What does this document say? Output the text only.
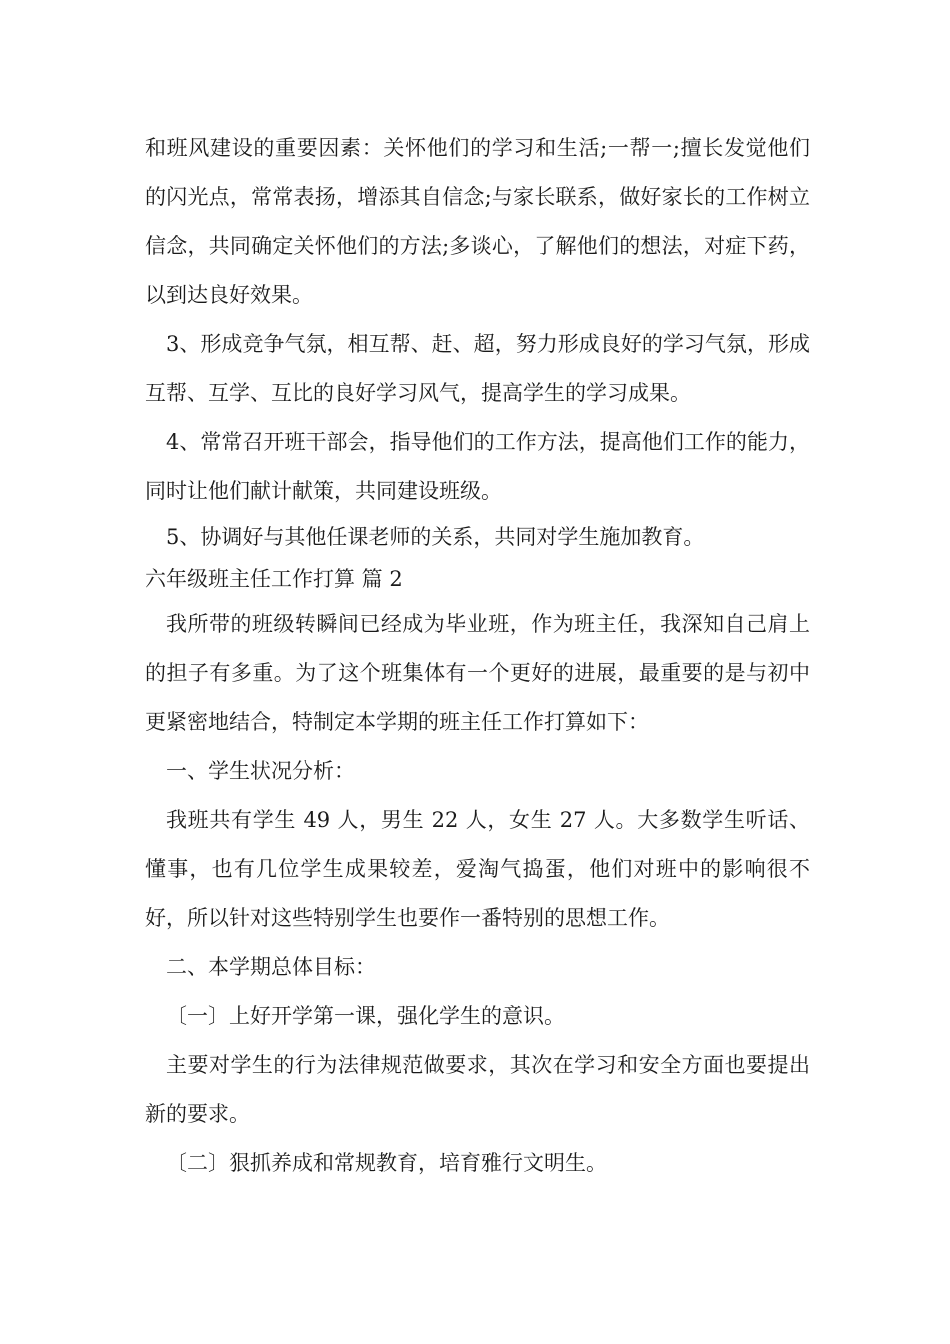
和班风建设的重要因素：关怀他们的学习和生活;一帮一;擅长发觉他们的闪光点，常常表扬，增添其自信念;与家长联系，做好家长的工作树立信念，共同确定关怀他们的方法;多谈心，了解他们的想法，对症下药，以到达良好效果。

3、形成竞争气氛，相互帮、赶、超，努力形成良好的学习气氛，形成互帮、互学、互比的良好学习风气，提高学生的学习成果。

4、常常召开班干部会，指导他们的工作方法，提高他们工作的能力，同时让他们献计献策，共同建设班级。

5、协调好与其他任课老师的关系，共同对学生施加教育。

六年级班主任工作打算 篇 2

我所带的班级转瞬间已经成为毕业班，作为班主任，我深知自己肩上的担子有多重。为了这个班集体有一个更好的进展，最重要的是与初中更紧密地结合，特制定本学期的班主任工作打算如下：

一、学生状况分析：

我班共有学生 49 人，男生 22 人，女生 27 人。大多数学生听话、懂事，也有几位学生成果较差，爱淘气捣蛋，他们对班中的影响很不好，所以针对这些特别学生也要作一番特别的思想工作。

二、本学期总体目标：

〔一〕上好开学第一课，强化学生的意识。

主要对学生的行为法律规范做要求，其次在学习和安全方面也要提出新的要求。

〔二〕狠抓养成和常规教育，培育雅行文明生。
